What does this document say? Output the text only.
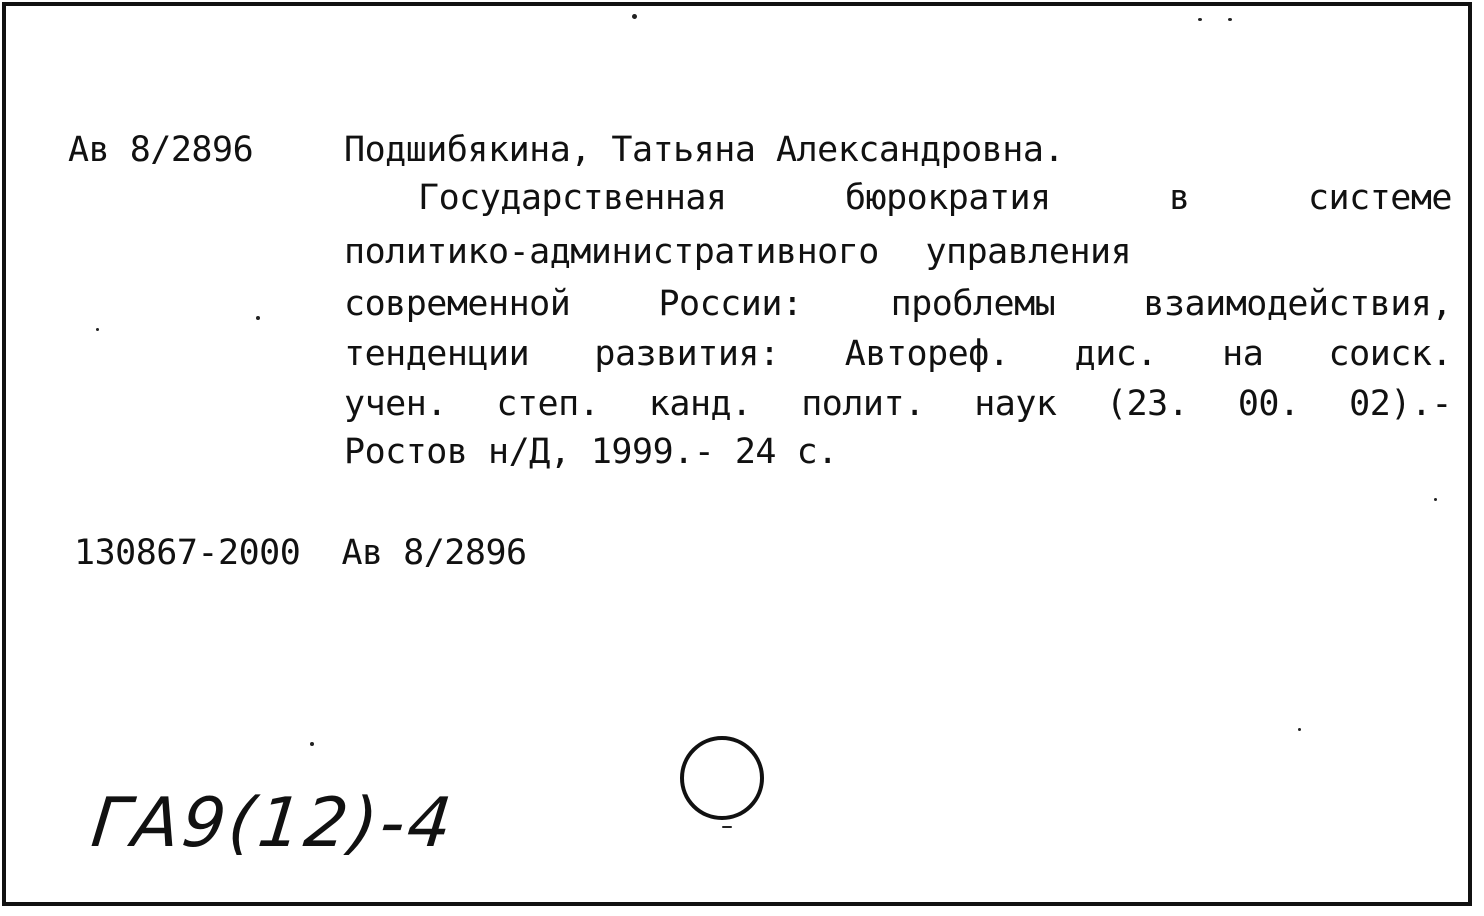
Ав 8/2896	Подшибякина, Татьяна Александровна.
Государственная бюрократия в системе
политико-административного управления
современной России: проблемы взаимодействия,
тенденции развития: Автореф. дис. на соиск.
учен. степ. канд. полит. наук (23. 00. 02).-
Ростов н/Д, 1999.- 24 с.
130867-2000 Ав 8/2896
ГА9(12)-4
